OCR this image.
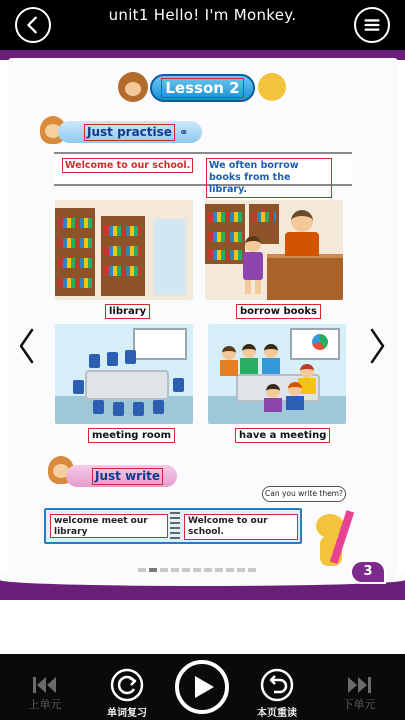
unit1 Hello! I'm Monkey.
Lesson 2
Just practise ⚭
Welcome to our school.	We often borrow books from the library.
library	borrow books
meeting room	have a meeting
Just write
welcome meet our library
Welcome to our school.
Can you write them?
3
上单元
单词复习	本页重读
下单元
